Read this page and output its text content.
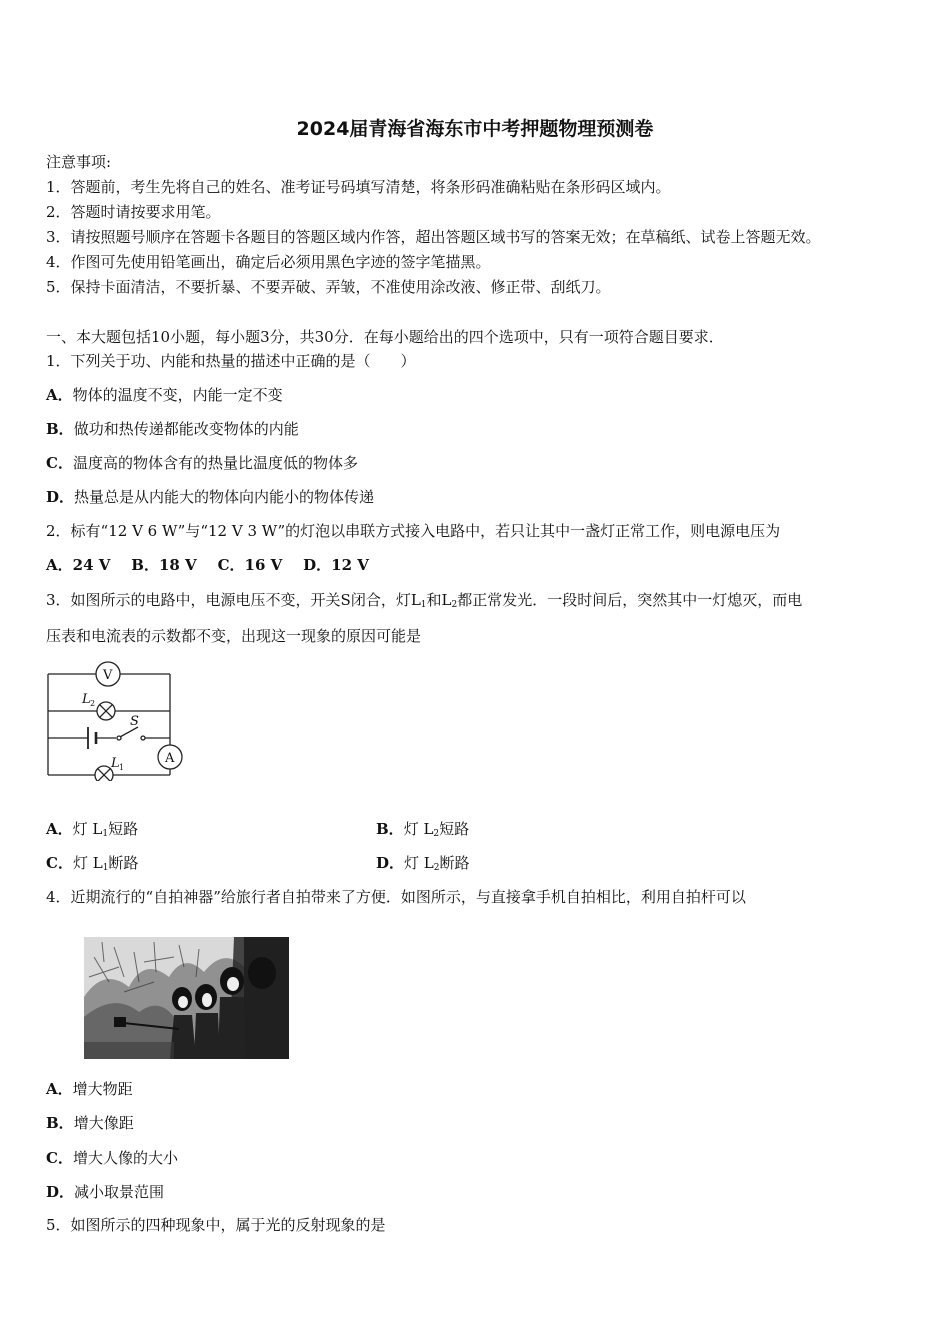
2024届青海省海东市中考押题物理预测卷
注意事项:
1．答题前，考生先将自己的姓名、准考证号码填写清楚，将条形码准确粘贴在条形码区域内。
2．答题时请按要求用笔。
3．请按照题号顺序在答题卡各题目的答题区域内作答，超出答题区域书写的答案无效；在草稿纸、试卷上答题无效。
4．作图可先使用铅笔画出，确定后必须用黑色字迹的签字笔描黑。
5．保持卡面清洁，不要折暴、不要弄破、弄皱，不准使用涂改液、修正带、刮纸刀。
一、本大题包括10小题，每小题3分，共30分．在每小题给出的四个选项中，只有一项符合题目要求．
1．下列关于功、内能和热量的描述中正确的是（　　）
A．物体的温度不变，内能一定不变
B．做功和热传递都能改变物体的内能
C．温度高的物体含有的热量比温度低的物体多
D．热量总是从内能大的物体向内能小的物体传递
2．标有“12 V 6 W”与“12 V 3 W”的灯泡以串联方式接入电路中，若只让其中一盏灯正常工作，则电源电压为
A．24 V    B．18 V    C．16 V    D．12 V
3．如图所示的电路中，电源电压不变，开关S闭合，灯$L_1$和$L_2$都正常发光．一段时间后，突然其中一灯熄灭，而电
压表和电流表的示数都不变，出现这一现象的原因可能是
V
A
L 2
S
L 1
A．灯 $L_1$短路	B．灯 $L_2$短路
C．灯 $L_1$断路	D．灯 $L_2$断路
4．近期流行的“自拍神器”给旅行者自拍带来了方便．如图所示，与直接拿手机自拍相比，利用自拍杆可以
A．增大物距
B．增大像距
C．增大人像的大小
D．减小取景范围
5．如图所示的四种现象中，属于光的反射现象的是
